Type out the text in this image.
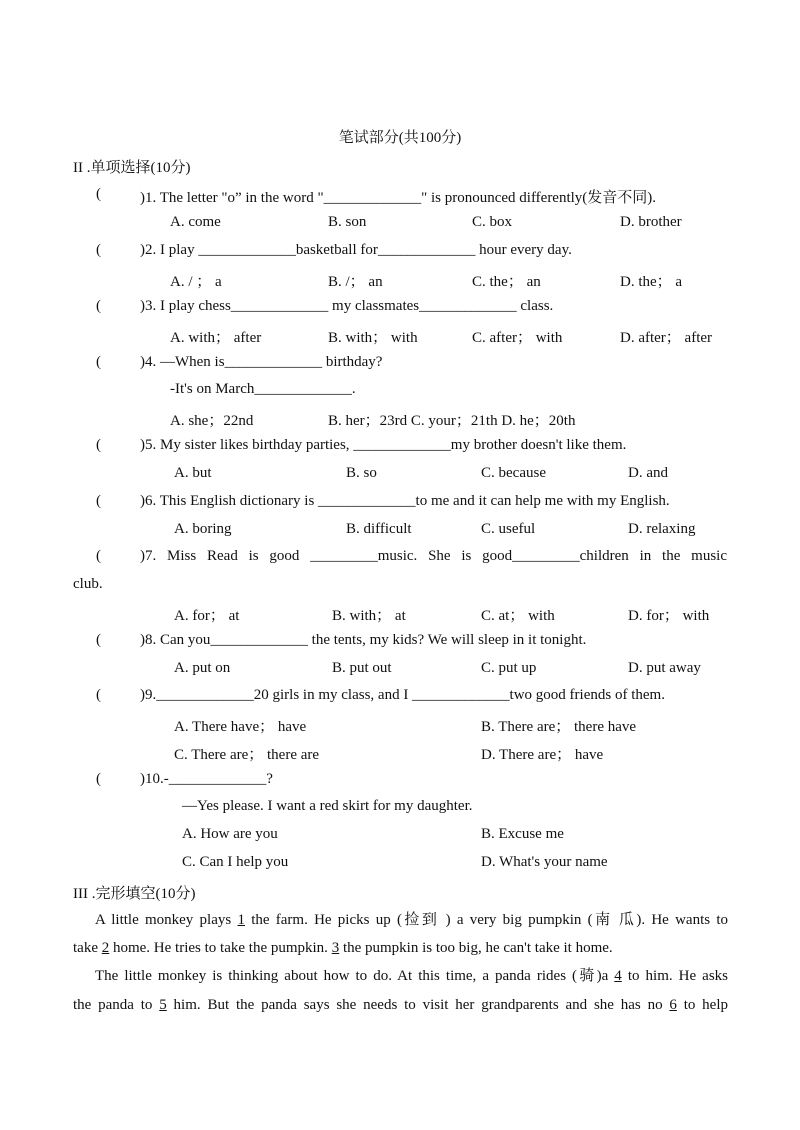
笔试部分(共100分)
II .单项选择(10分)
(	)1. The letter "o” in the word "_____________" is pronounced differently(发音不同).
A. come	B. son	C. box	D. brother
(	)2. I play _____________basketball for_____________ hour every day.
A. / ； a	B. /； an	C. the； an	D. the； a
(	)3. I play chess_____________ my classmates_____________ class.
A. with； after	B. with； with	C. after； with	D. after； after
(	)4. —When is_____________ birthday?
-It's on March_____________.
A. she；22nd	B. her；23rd C. your；21th D. he；20th
(	)5. My sister likes birthday parties, _____________my brother doesn't like them.
A. but	B. so	C. because	D. and
(	)6. This English dictionary is _____________to me and it can help me with my English.
A. boring	B. difficult	C. useful	D. relaxing
(	)7. Miss Read is good _________music. She is good_________children in the music
club.
A. for； at	B. with； at	C. at； with	D. for； with
(	)8. Can you_____________ the tents, my kids? We will sleep in it tonight.
A. put on	B. put out	C. put up	D. put away
(	)9._____________20 girls in my class, and I _____________two good friends of them.
A. There have； have	B. There are； there have
C. There are； there are	D. There are； have
(	)10.-_____________?
—Yes please. I want a red skirt for my daughter.
A. How are you	B. Excuse me
C. Can I help you	D. What's your name
III .完形填空(10分)
A little monkey plays 1 the farm. He picks up (捡到 ) a very big pumpkin (南 瓜). He wants to
take 2 home. He tries to take the pumpkin. 3 the pumpkin is too big, he can't take it home.
The little monkey is thinking about how to do. At this time, a panda rides (骑)a 4 to him. He asks
the panda to 5 him. But the panda says she needs to visit her grandparents and she has no 6 to help
